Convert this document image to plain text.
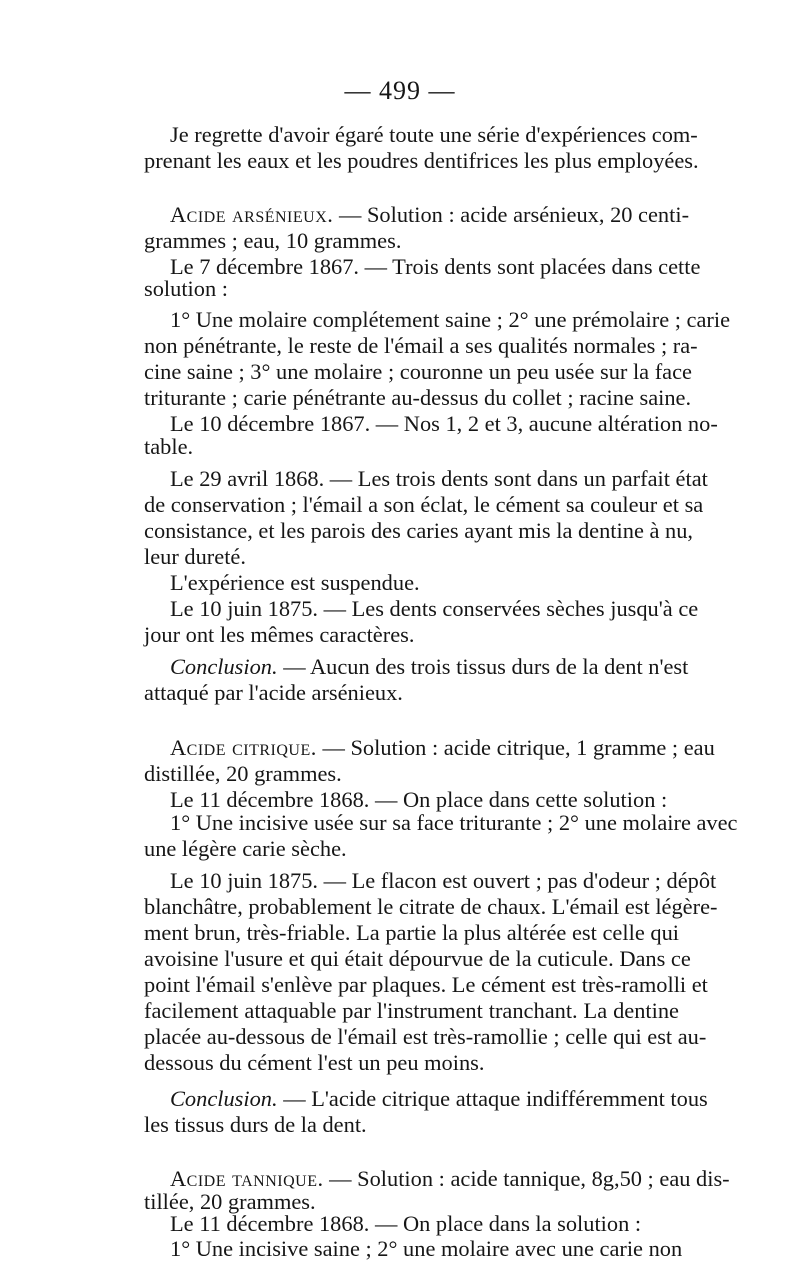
— 499 —
Je regrette d'avoir égaré toute une série d'expériences com-
prenant les eaux et les poudres dentifrices les plus employées.
Acide arsénieux. — Solution : acide arsénieux, 20 centi-
grammes ; eau, 10 grammes.
Le 7 décembre 1867. — Trois dents sont placées dans cette
solution :
1° Une molaire complétement saine ; 2° une prémolaire ; carie
non pénétrante, le reste de l'émail a ses qualités normales ; ra-
cine saine ; 3° une molaire ; couronne un peu usée sur la face
triturante ; carie pénétrante au-dessus du collet ; racine saine.
Le 10 décembre 1867. — Nos 1, 2 et 3, aucune altération no-
table.
Le 29 avril 1868. — Les trois dents sont dans un parfait état
de conservation ; l'émail a son éclat, le cément sa couleur et sa
consistance, et les parois des caries ayant mis la dentine à nu,
leur dureté.
L'expérience est suspendue.
Le 10 juin 1875. — Les dents conservées sèches jusqu'à ce
jour ont les mêmes caractères.
Conclusion. — Aucun des trois tissus durs de la dent n'est
attaqué par l'acide arsénieux.
Acide citrique. — Solution : acide citrique, 1 gramme ; eau
distillée, 20 grammes.
Le 11 décembre 1868. — On place dans cette solution :
1° Une incisive usée sur sa face triturante ; 2° une molaire avec
une légère carie sèche.
Le 10 juin 1875. — Le flacon est ouvert ; pas d'odeur ; dépôt
blanchâtre, probablement le citrate de chaux. L'émail est légère-
ment brun, très-friable. La partie la plus altérée est celle qui
avoisine l'usure et qui était dépourvue de la cuticule. Dans ce
point l'émail s'enlève par plaques. Le cément est très-ramolli et
facilement attaquable par l'instrument tranchant. La dentine
placée au-dessous de l'émail est très-ramollie ; celle qui est au-
dessous du cément l'est un peu moins.
Conclusion. — L'acide citrique attaque indifféremment tous
les tissus durs de la dent.
Acide tannique. — Solution : acide tannique, 8g,50 ; eau dis-
tillée, 20 grammes.
Le 11 décembre 1868. — On place dans la solution :
1° Une incisive saine ; 2° une molaire avec une carie non
